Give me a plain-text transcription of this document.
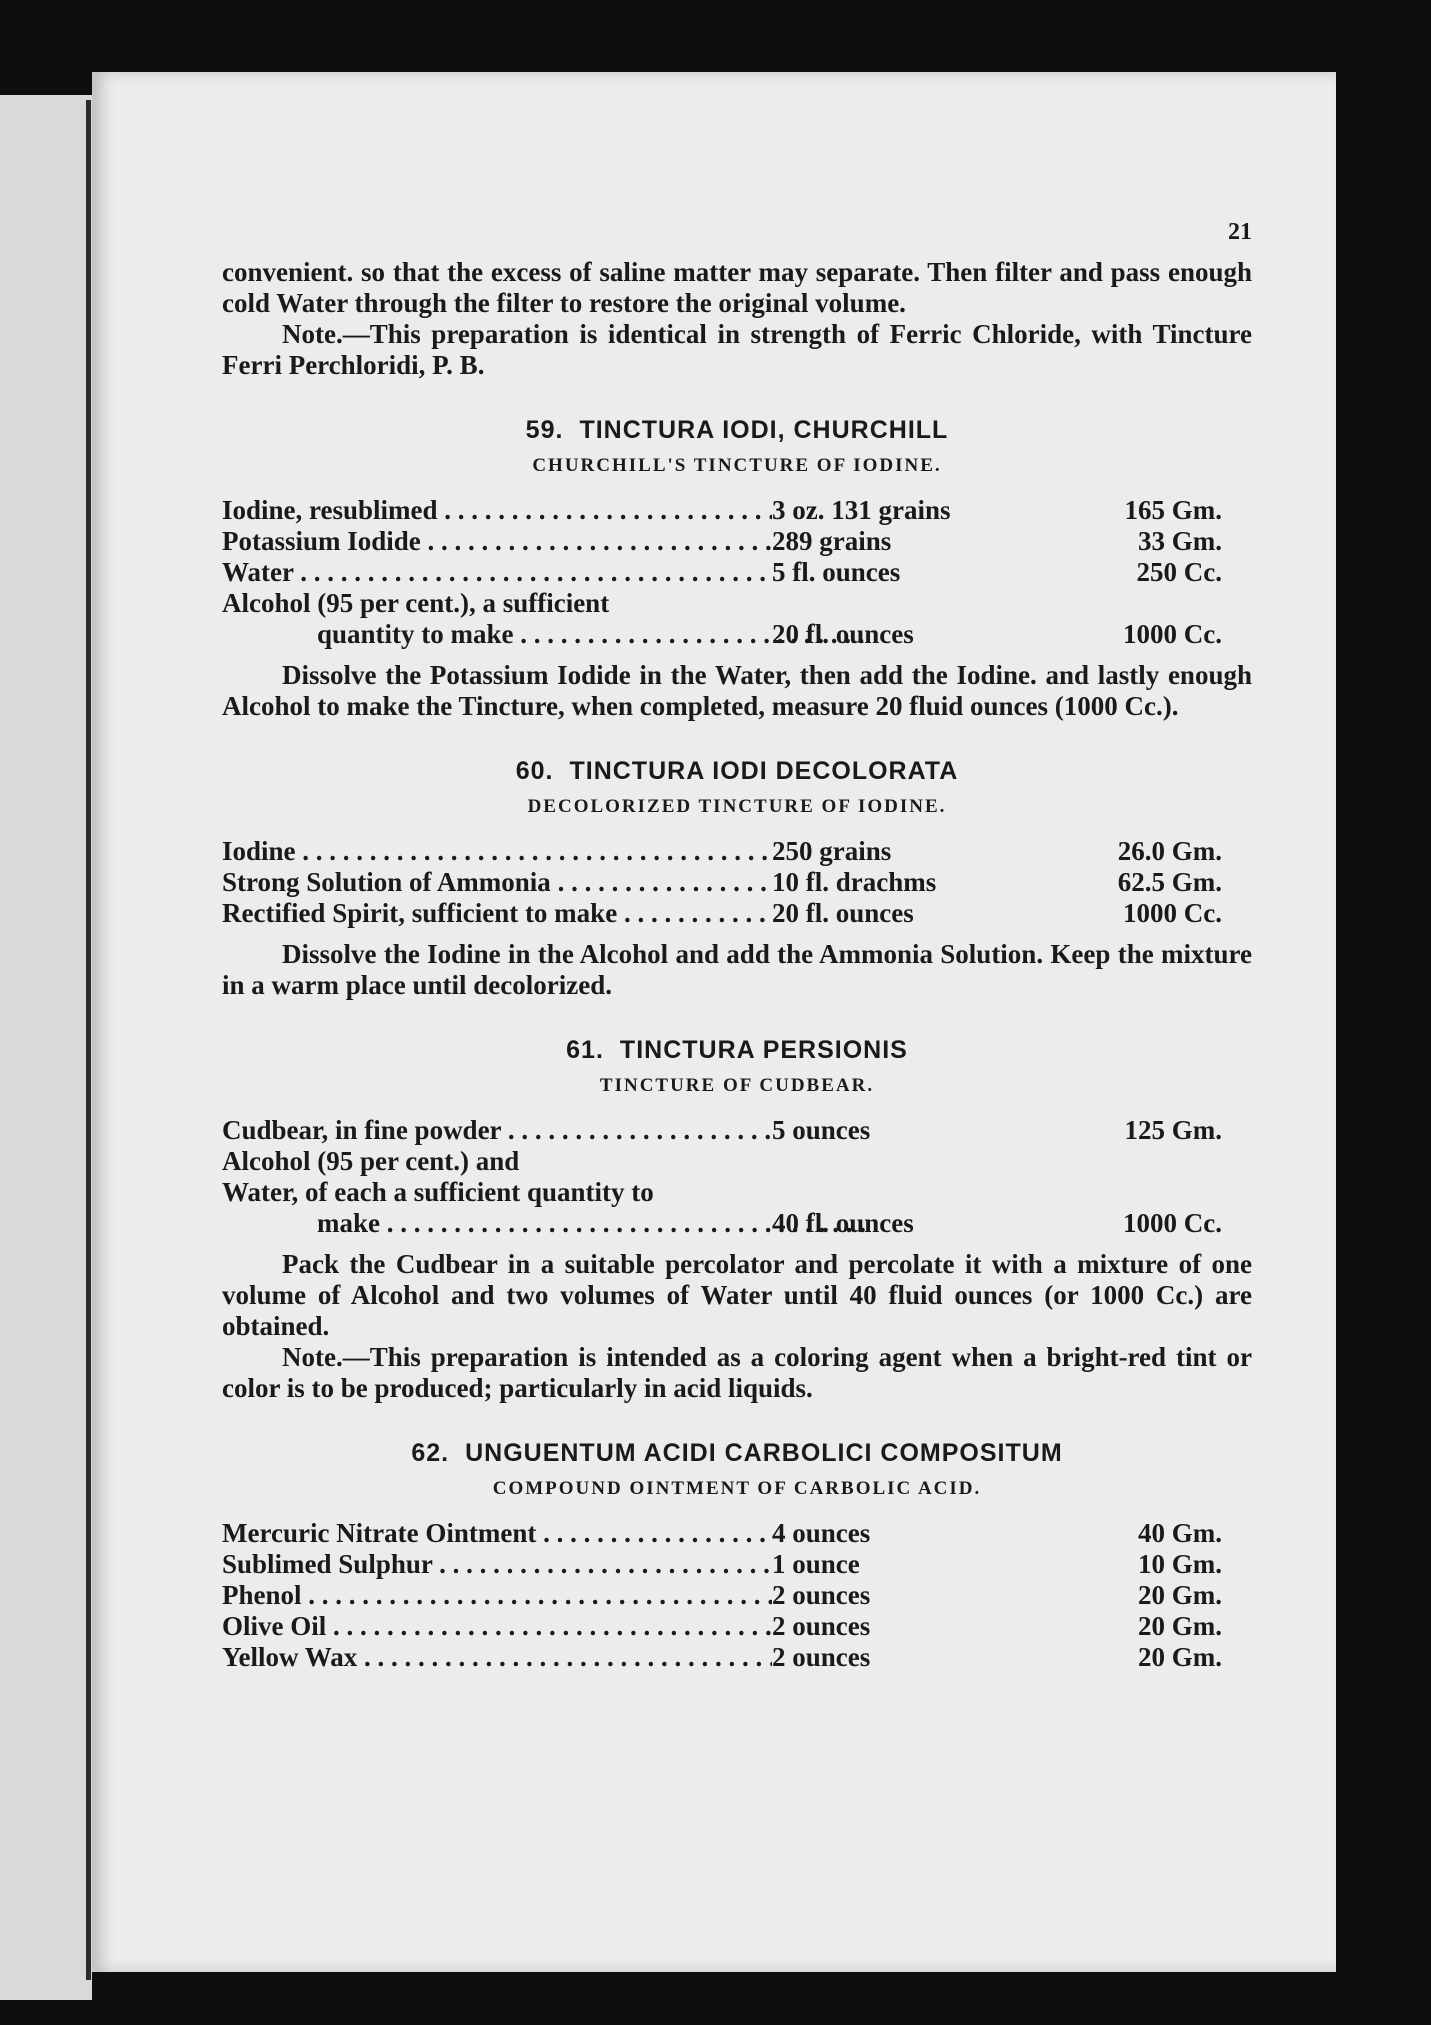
21

convenient. so that the excess of saline matter may separate. Then filter and pass enough cold Water through the filter to restore the original volume.

Note.—This preparation is identical in strength of Ferric Chloride, with Tincture Ferri Perchloridi, P. B.

59. TINCTURA IODI, CHURCHILL

CHURCHILL'S TINCTURE OF IODINE.

Iodine, resublimed . . .	3 oz. 131 grains	165 Gm.
Potassium Iodide . . .	289 grains	33 Gm.
Water . . .	5 fl. ounces	250 Cc.
Alcohol (95 per cent.), a sufficient
quantity to make . . .	20 fl. ounces	1000 Cc.

Dissolve the Potassium Iodide in the Water, then add the Iodine. and lastly enough Alcohol to make the Tincture, when completed, measure 20 fluid ounces (1000 Cc.).

60. TINCTURA IODI DECOLORATA

DECOLORIZED TINCTURE OF IODINE.

Iodine . . .	250 grains	26.0 Gm.
Strong Solution of Ammonia . . .	10 fl. drachms	62.5 Gm.
Rectified Spirit, sufficient to make . . .	20 fl. ounces	1000 Cc.

Dissolve the Iodine in the Alcohol and add the Ammonia Solution. Keep the mixture in a warm place until decolorized.

61. TINCTURA PERSIONIS

TINCTURE OF CUDBEAR.

Cudbear, in fine powder . . .	5 ounces	125 Gm.
Alcohol (95 per cent.) and
Water, of each a sufficient quantity to
make . . .	40 fl. ounces	1000 Cc.

Pack the Cudbear in a suitable percolator and percolate it with a mixture of one volume of Alcohol and two volumes of Water until 40 fluid ounces (or 1000 Cc.) are obtained.

Note.—This preparation is intended as a coloring agent when a bright-red tint or color is to be produced; particularly in acid liquids.

62. UNGUENTUM ACIDI CARBOLICI COMPOSITUM

COMPOUND OINTMENT OF CARBOLIC ACID.

Mercuric Nitrate Ointment . . .	4 ounces	40 Gm.
Sublimed Sulphur . . .	1 ounce	10 Gm.
Phenol . . .	2 ounces	20 Gm.
Olive Oil . . .	2 ounces	20 Gm.
Yellow Wax . . .	2 ounces	20 Gm.
